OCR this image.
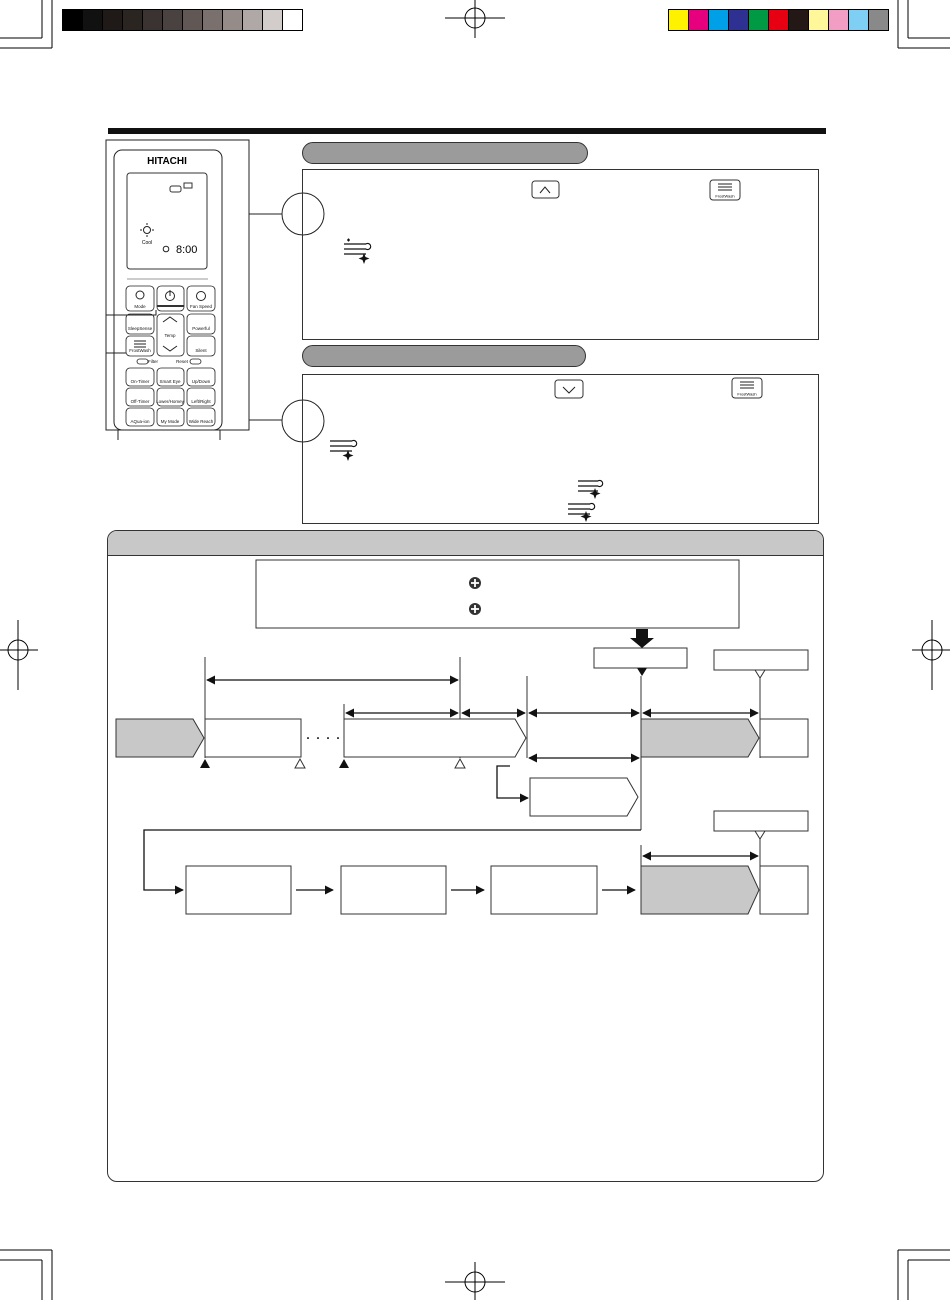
HITACHI
Cool
8:00
Mode	Fan Speed
SleepSense
Temp
Powerful
FrostWash	Silent
Filter	Reset
On-Timer Smart Eye Up/Down
Off-Timer Lower/Homey Left/Right
AQua-ion My Mode Wide Reach
FrostWash
FrostWash
・・・・
